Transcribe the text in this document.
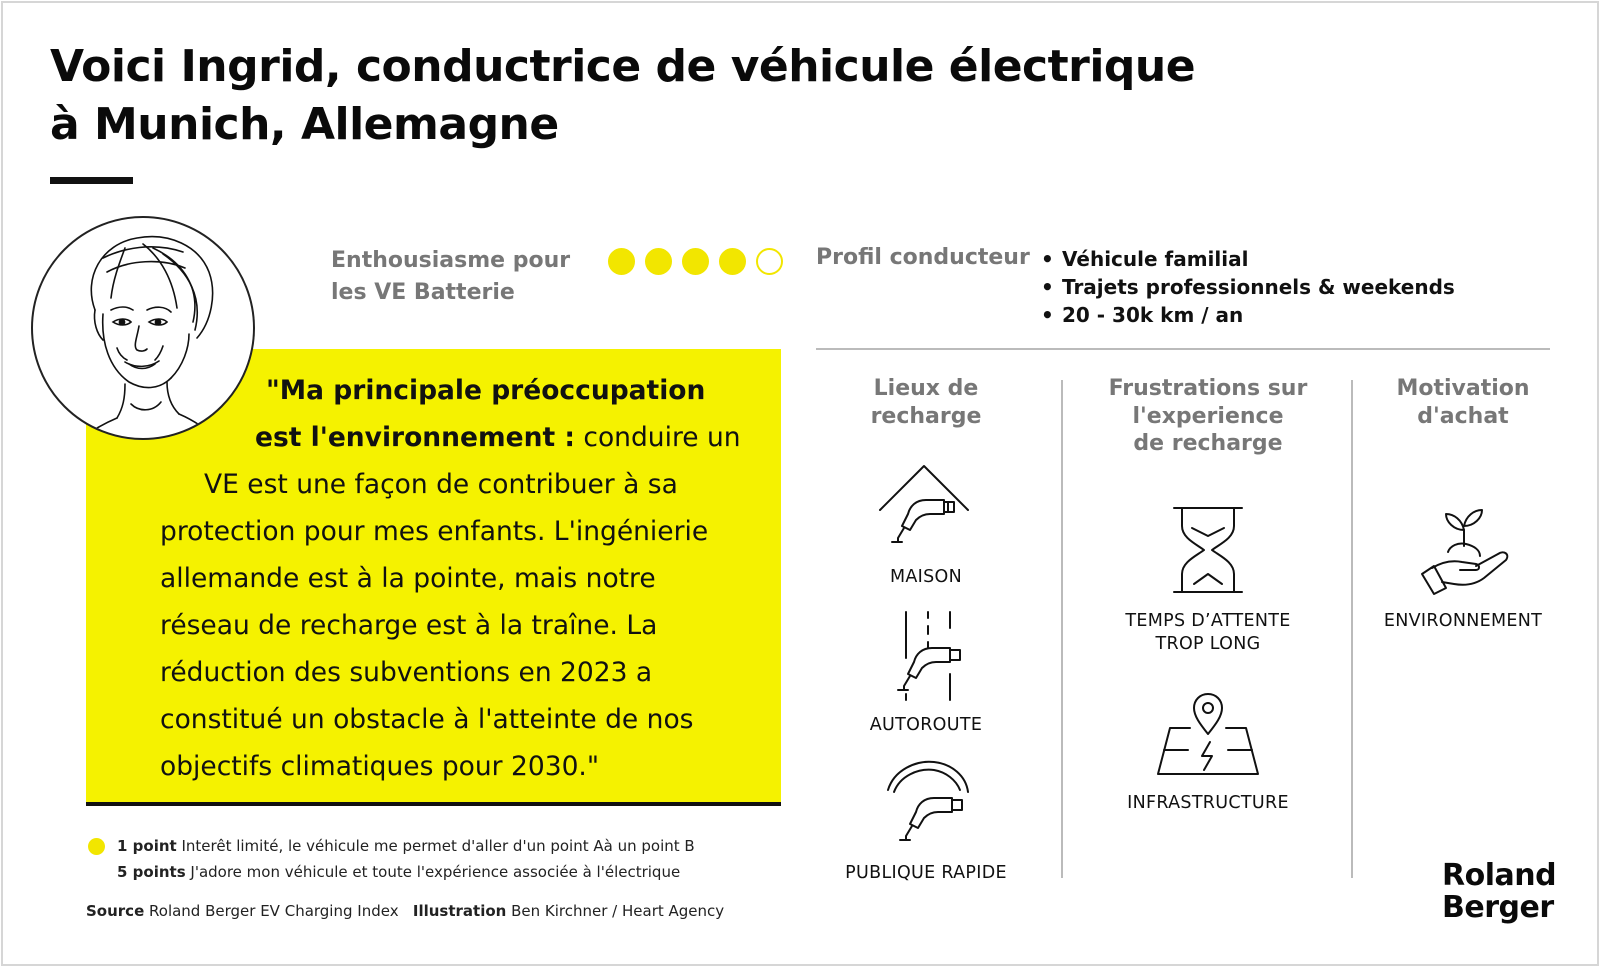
Voici Ingrid, conductrice de véhicule électrique
à Munich, Allemagne
Enthousiasme pour
les VE Batterie
Profil conducteur
•	Véhicule familial
• Trajets professionnels & weekends
• 20 - 30k km / an
"Ma principale préoccupation
est l'environnement : conduire un
VE est une façon de contribuer à sa
protection pour mes enfants. L'ingénierie
allemande est à la pointe, mais notre
réseau de recharge est à la traîne. La
réduction des subventions en 2023 a
constitué un obstacle à l'atteinte de nos
objectifs climatiques pour 2030."
1 point Interêt limité, le véhicule me permet d'aller d'un point Aà un point B
5 points J'adore mon véhicule et toute l'expérience associée à l'électrique
Source Roland Berger EV Charging Index Illustration Ben Kirchner / Heart Agency
Lieux de
recharge
Frustrations sur
l'experience
de recharge
Motivation
d'achat
MAISON
AUTOROUTE
PUBLIQUE RAPIDE
TEMPS D’ATTENTE
TROP LONG
INFRASTRUCTURE
ENVIRONNEMENT
Roland
Berger
